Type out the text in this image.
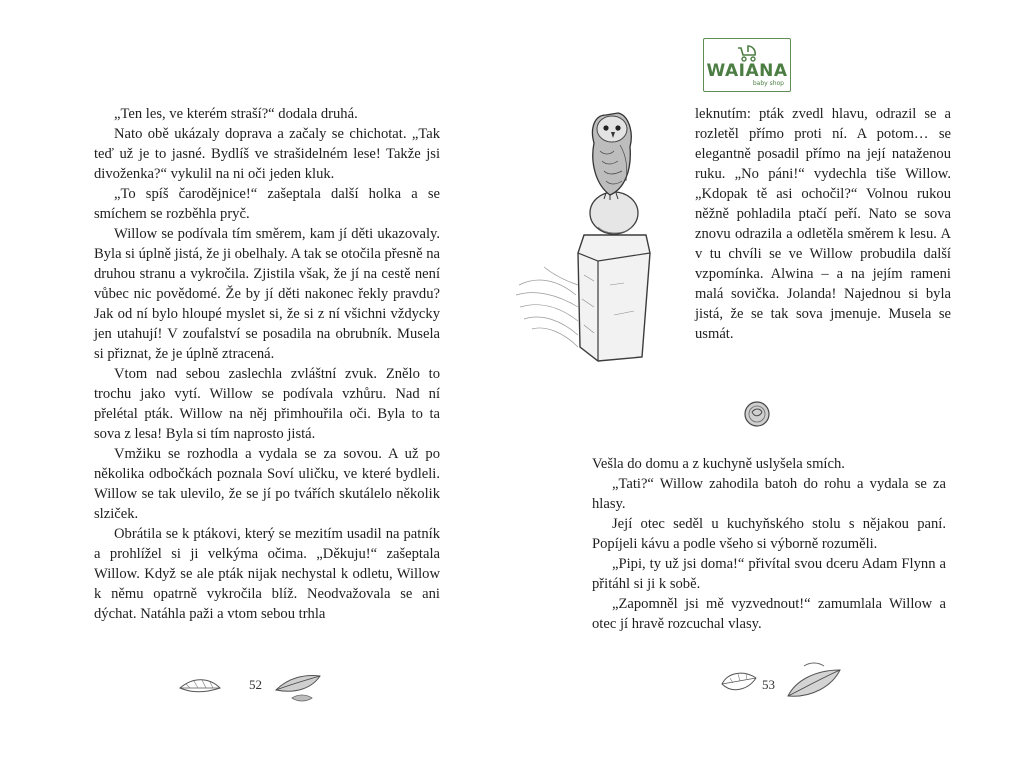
„Ten les, ve kterém straší?“ dodala druhá.

Nato obě ukázaly doprava a začaly se chichotat. „Tak teď už je to jasné. Bydlíš ve strašidelném lese! Takže jsi divoženka?“ vykulil na ni oči jeden kluk.

„To spíš čarodějnice!“ zašeptala další holka a se smíchem se rozběhla pryč.

Willow se podívala tím směrem, kam jí děti ukazovaly. Byla si úplně jistá, že ji obelhaly. A tak se otočila přesně na druhou stranu a vykročila. Zjistila však, že jí na cestě není vůbec nic povědomé. Že by jí děti nakonec řekly pravdu? Jak od ní bylo hloupé myslet si, že si z ní všichni vždycky jen utahují! V zoufalství se posadila na obrubník. Musela si přiznat, že je úplně ztracená.

Vtom nad sebou zaslechla zvláštní zvuk. Znělo to trochu jako vytí. Willow se podívala vzhůru. Nad ní přelétal pták. Willow na něj přimhouřila oči. Byla to ta sova z lesa! Byla si tím naprosto jistá.

Vmžiku se rozhodla a vydala se za sovou. A už po několika odbočkách poznala Soví uličku, ve které bydleli. Willow se tak ulevilo, že se jí po tvářích skutálelo několik slziček.

Obrátila se k ptákovi, který se mezitím usadil na patník a prohlížel si ji velkýma očima. „Děkuju!“ zašeptala Willow. Když se ale pták nijak nechystal k odletu, Willow k němu opatrně vykročila blíž. Neodvažovala se ani dýchat. Natáhla paži a vtom sebou trhla

52

leknutím: pták zvedl hlavu, odrazil se a rozletěl přímo proti ní. A potom… se elegantně posadil přímo na její nataženou ruku. „No páni!“ vydechla tiše Willow. „Kdopak tě asi ochočil?“ Volnou rukou něžně pohladila ptačí peří. Nato se sova znovu odrazila a odletěla směrem k lesu. A v tu chvíli se ve Willow probudila další vzpomínka. Alwina – a na jejím rameni malá sovička. Jolanda! Najednou si byla jistá, že se tak sova jmenuje. Musela se usmát.

Vešla do domu a z kuchyně uslyšela smích.

„Tati?“ Willow zahodila batoh do rohu a vydala se za hlasy.

Její otec seděl u kuchyňského stolu s nějakou paní. Popíjeli kávu a podle všeho si výborně rozuměli.

„Pipi, ty už jsi doma!“ přivítal svou dceru Adam Flynn a přitáhl si ji k sobě.

„Zapomněl jsi mě vyzvednout!“ zamumlala Willow a otec jí hravě rozcuchal vlasy.

53
WAIANA
baby shop
